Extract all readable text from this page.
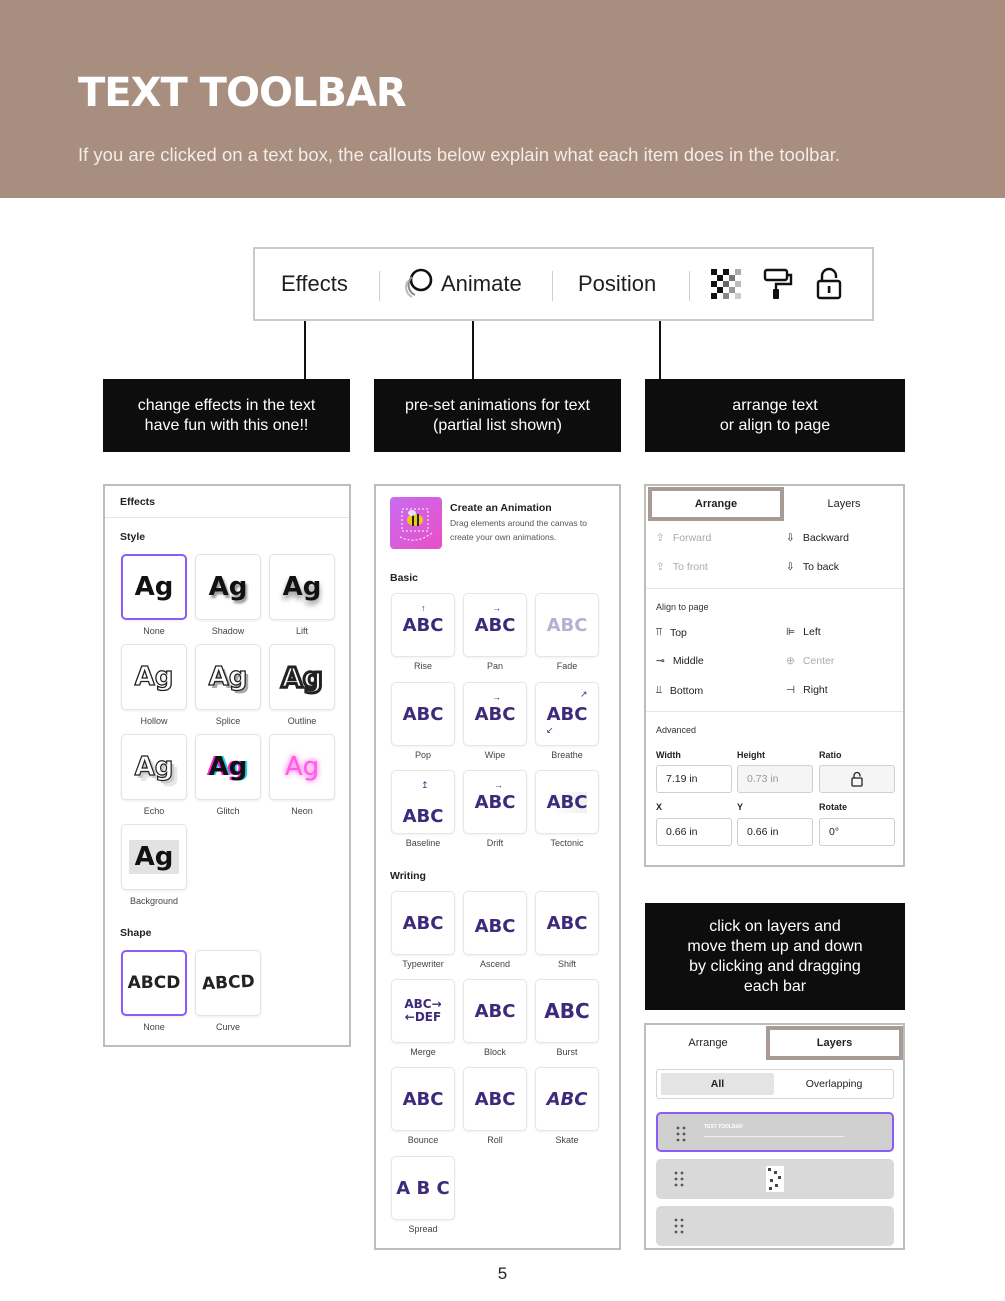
TEXT TOOLBAR

If you are clicked on a text box, the callouts below explain what each item does in the toolbar.

Effects	Animate	Position
change effects in the text
have fun with this one!!
pre-set animations for text
(partial list shown)
arrange text
or align to page
Effects
Style
Ag
None
Ag
Shadow
Ag
Lift
Ag
Hollow
Ag
Splice
Ag
Outline
Ag
Echo
Ag
Glitch
Ag
Neon
Ag
Background
Shape
ABCD
None
ABCD
Curve
Create an Animation
Drag elements around the canvas to
create your own animations.
Basic
ABC
↑
Rise
ABC
→
Pan
ABC
Fade
ABC
Pop
ABC
→
Wipe
ABC
↗
↙
Breathe
ABC
↥
Baseline
ABC
→
Drift
ABC
Tectonic
Writing
ABC
Typewriter
ABC
Ascend
ABC
Shift
ABC→
←DEF
Merge
ABC
Block
ABC
Burst
ABC
Bounce
ABC
Roll
ABC
Skate
A B C
Spread
Arrange	Layers
⇪ Forward	⇩ Backward
⇪ To front	⇩ To back
Align to page
⫪ Top	⊫ Left
⊸ Middle	⊕ Center
⫫ Bottom	⊣ Right
Advanced
Width	Height	Ratio
7.19 in	0.73 in
X	Y	Rotate
0.66 in	0.66 in	0°
click on layers and
move them up and down
by clicking and dragging
each bar
Arrange	Layers
All	Overlapping
TEXT TOOLBAR
5
